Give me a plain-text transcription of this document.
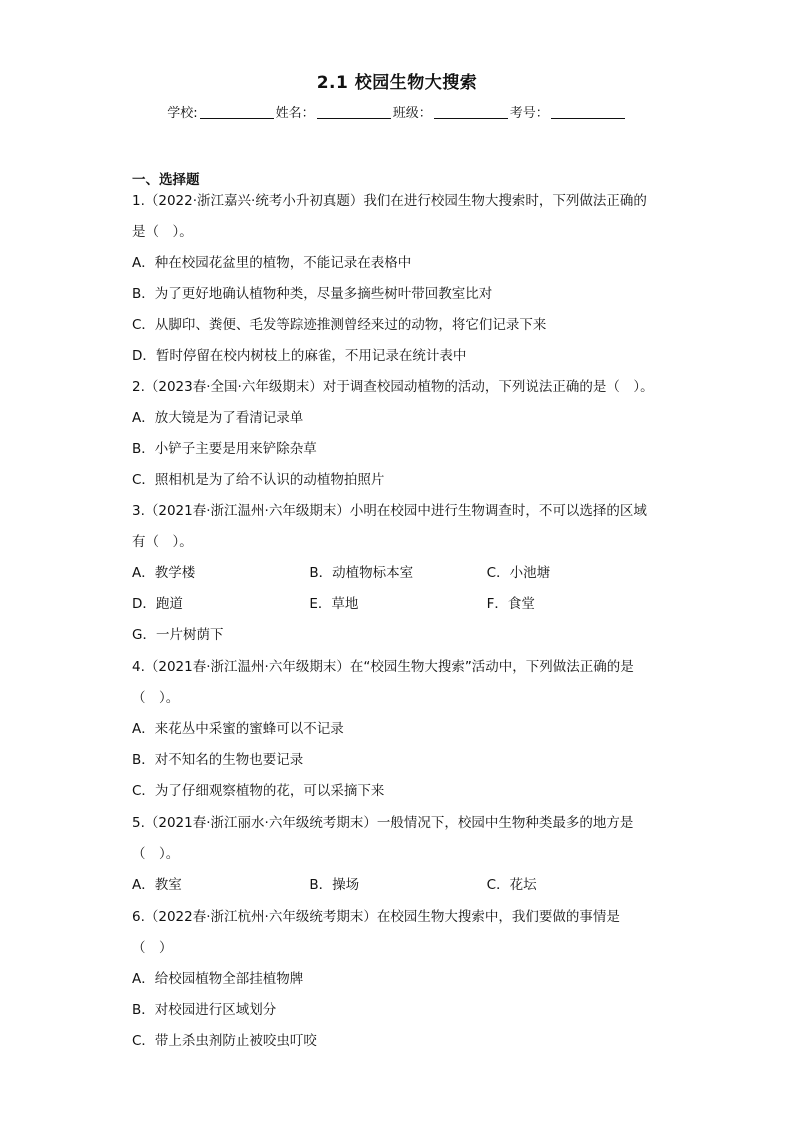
2.1 校园生物大搜索
学校:	姓名：	班级：	考号：
一、选择题
1.（2022·浙江嘉兴·统考小升初真题）我们在进行校园生物大搜索时，下列做法正确的
是（　）。
A．种在校园花盆里的植物，不能记录在表格中
B．为了更好地确认植物种类，尽量多摘些树叶带回教室比对
C．从脚印、粪便、毛发等踪迹推测曾经来过的动物，将它们记录下来
D．暂时停留在校内树枝上的麻雀，不用记录在统计表中
2.（2023春·全国·六年级期末）对于调查校园动植物的活动，下列说法正确的是（　）。
A．放大镜是为了看清记录单
B．小铲子主要是用来铲除杂草
C．照相机是为了给不认识的动植物拍照片
3.（2021春·浙江温州·六年级期末）小明在校园中进行生物调查时，不可以选择的区域
有（　）。
A．教学楼	B．动植物标本室	C．小池塘
D．跑道	E．草地	F．食堂
G．一片树荫下
4.（2021春·浙江温州·六年级期末）在“校园生物大搜索”活动中，下列做法正确的是
（　）。
A．来花丛中采蜜的蜜蜂可以不记录
B．对不知名的生物也要记录
C．为了仔细观察植物的花，可以采摘下来
5.（2021春·浙江丽水·六年级统考期末）一般情况下，校园中生物种类最多的地方是
（　）。
A．教室	B．操场	C．花坛
6.（2022春·浙江杭州·六年级统考期末）在校园生物大搜索中，我们要做的事情是
（　）
A．给校园植物全部挂植物牌
B．对校园进行区域划分
C．带上杀虫剂防止被咬虫叮咬
